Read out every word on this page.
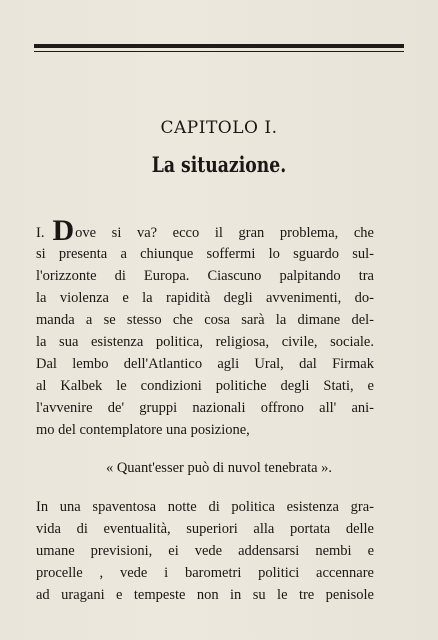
CAPITOLO I.
La situazione.
I. Dove si va? ecco il gran problema, che
si presenta a chiunque soffermi lo sguardo sul-
l'orizzonte di Europa. Ciascuno palpitando tra
la violenza e la rapidità degli avvenimenti, do-
manda a se stesso che cosa sarà la dimane del-
la sua esistenza politica, religiosa, civile, sociale.
Dal lembo dell'Atlantico agli Ural, dal Firmak
al Kalbek le condizioni politiche degli Stati, e
l'avvenire de' gruppi nazionali offrono all' ani-
mo del contemplatore una posizione,
« Quant'esser può di nuvol tenebrata ».
In una spaventosa notte di politica esistenza gra-
vida di eventualità, superiori alla portata delle
umane previsioni, ei vede addensarsi nembi e
procelle , vede i barometri politici accennare
ad uragani e tempeste non in su le tre penisole
